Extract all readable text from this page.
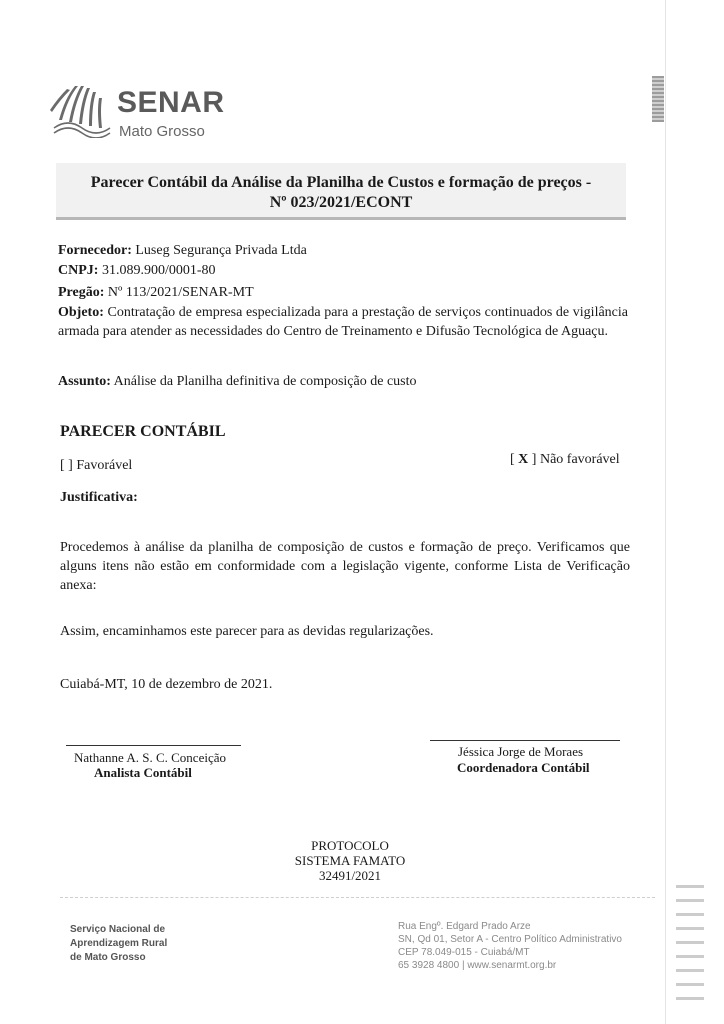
SENAR
Mato Grosso
Parecer Contábil da Análise da Planilha de Custos e formação de preços -
Nº 023/2021/ECONT
Fornecedor: Luseg Segurança Privada Ltda
CNPJ: 31.089.900/0001-80
Pregão: Nº 113/2021/SENAR-MT
Objeto: Contratação de empresa especializada para a prestação de serviços continuados de vigilância armada para atender as necessidades do Centro de Treinamento e Difusão Tecnológica de Aguaçu.
Assunto: Análise da Planilha definitiva de composição de custo
PARECER CONTÁBIL
[ ] Favorável	[ X ] Não favorável
Justificativa:
Procedemos à análise da planilha de composição de custos e formação de preço. Verificamos que alguns itens não estão em conformidade com a legislação vigente, conforme Lista de Verificação anexa:
Assim, encaminhamos este parecer para as devidas regularizações.
Cuiabá-MT, 10 de dezembro de 2021.
Nathanne A. S. C. Conceição
Analista Contábil
Jéssica Jorge de Moraes
Coordenadora Contábil
PROTOCOLO
SISTEMA FAMATO
32491/2021
Serviço Nacional de
Aprendizagem Rural
de Mato Grosso
Rua Engº. Edgard Prado Arze
SN, Qd 01, Setor A - Centro Político Administrativo
CEP 78.049-015 - Cuiabá/MT
65 3928 4800 | www.senarmt.org.br
